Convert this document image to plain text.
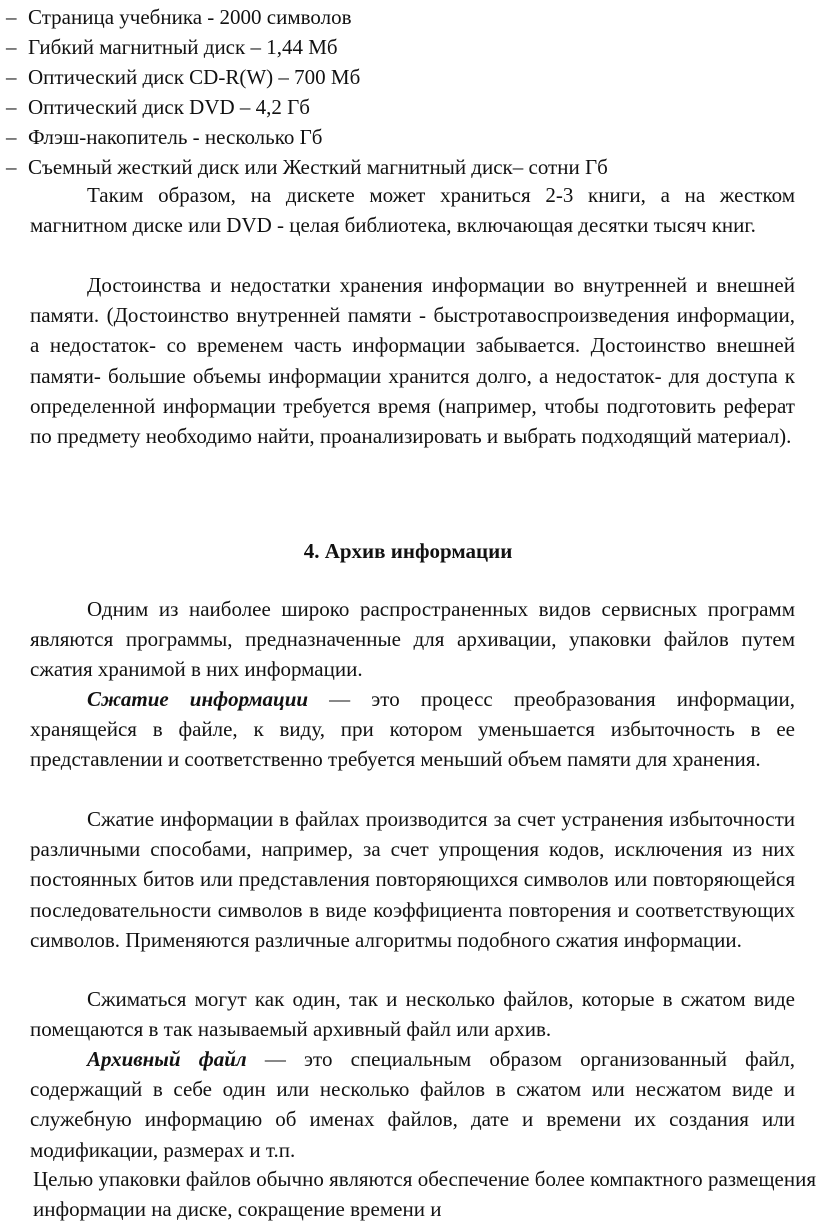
– Страница учебника - 2000 символов
– Гибкий магнитный диск – 1,44 Мб
– Оптический диск CD-R(W) – 700 Мб
– Оптический диск DVD – 4,2 Гб
– Флэш-накопитель - несколько Гб
– Съемный жесткий диск или Жесткий магнитный диск– сотни Гб

Таким образом, на дискете может храниться 2-3 книги, а на жестком магнитном диске или DVD - целая библиотека, включающая десятки тысяч книг.

Достоинства и недостатки хранения информации во внутренней и внешней памяти. (Достоинство внутренней памяти - быстротавоспроизведения информации, а недостаток- со временем часть информации забывается. Достоинство внешней памяти- большие объемы информации хранится долго, а недостаток- для доступа к определенной информации требуется время (например, чтобы подготовить реферат по предмету необходимо найти, проанализировать и выбрать подходящий материал).

4. Архив информации

Одним из наиболее широко распространенных видов сервисных программ являются программы, предназначенные для архивации, упаковки файлов путем сжатия хранимой в них информации.

Сжатие информации — это процесс преобразования информации, хранящейся в файле, к виду, при котором уменьшается избыточность в ее представлении и соответственно требуется меньший объем памяти для хранения.

Сжатие информации в файлах производится за счет устранения избыточности различными способами, например, за счет упрощения кодов, исключения из них постоянных битов или представления повторяющихся символов или повторяющейся последовательности символов в виде коэффициента повторения и соответствующих символов. Применяются различные алгоритмы подобного сжатия информации.

Сжиматься могут как один, так и несколько файлов, которые в сжатом виде помещаются в так называемый архивный файл или архив.

Архивный файл — это специальным образом организованный файл, содержащий в себе один или несколько файлов в сжатом или несжатом виде и служебную информацию об именах файлов, дате и времени их создания или модификации, размерах и т.п.

Целью упаковки файлов обычно являются обеспечение более компактного размещения информации на диске, сокращение времени и
